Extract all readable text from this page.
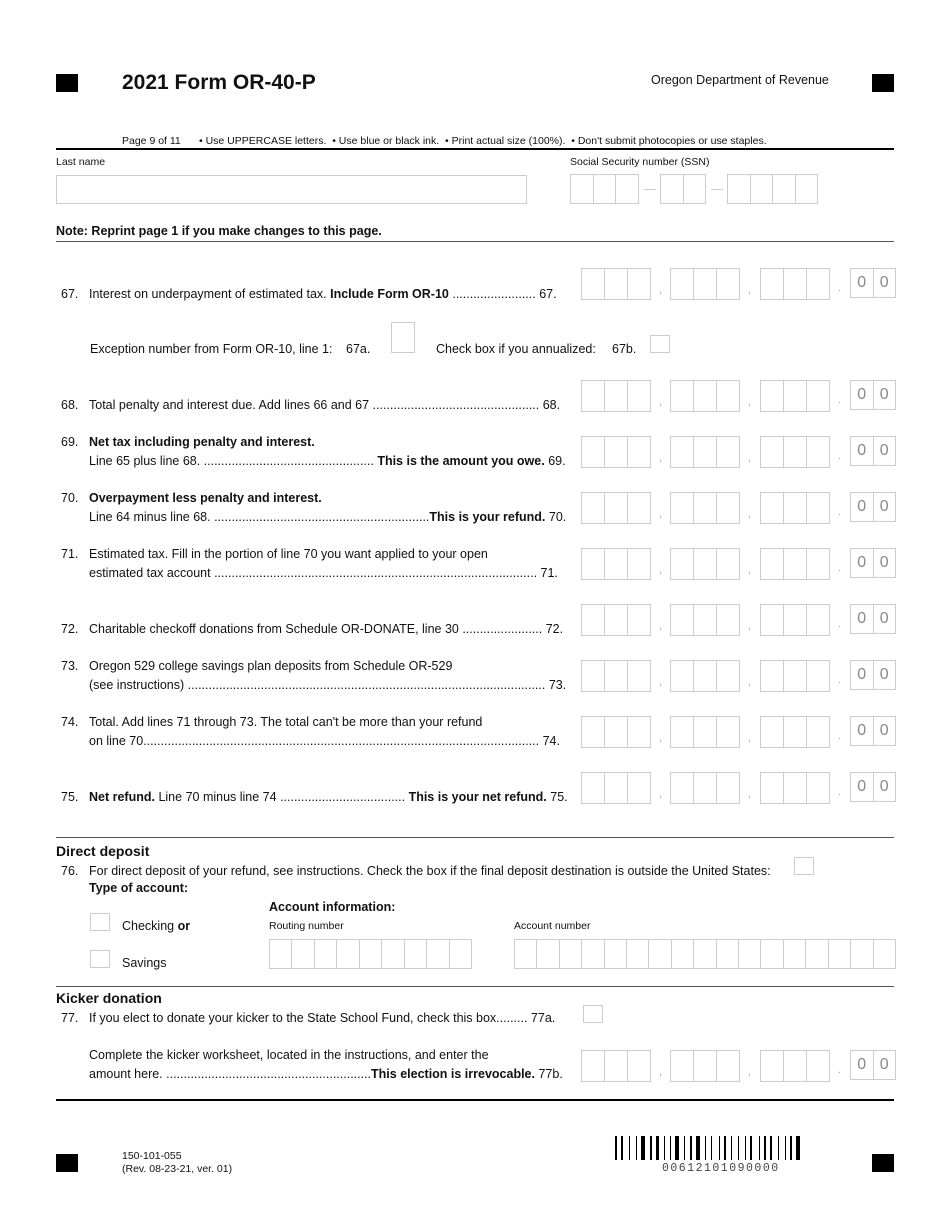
2021 Form OR-40-P	Oregon Department of Revenue
Page 9 of 11 • Use UPPERCASE letters.  • Use blue or black ink.  • Print actual size (100%).  • Don't submit photocopies or use staples.
Last name	Social Security number (SSN)
Note: Reprint page 1 if you make changes to this page.
67. Interest on underpayment of estimated tax. Include Form OR-10 ........................ 67.	,	,	.	0 0
Exception number from Form OR-10, line 1: 67a.	Check box if you annualized: 67b.
68. Total penalty and interest due. Add lines 66 and 67 ................................................ 68.	,	,	.	0 0
69. Net tax including penalty and interest.
Line 65 plus line 68. ................................................. This is the amount you owe. 69.	,	,	.	0 0
70. Overpayment less penalty and interest.
Line 64 minus line 68. ..............................................................This is your refund. 70.	,	,	.	0 0
71. Estimated tax. Fill in the portion of line 70 you want applied to your open
estimated tax account ............................................................................................. 71.	,	,	.	0 0
72. Charitable checkoff donations from Schedule OR-DONATE, line 30 ....................... 72.	,	,	.	0 0
73. Oregon 529 college savings plan deposits from Schedule OR-529
(see instructions) ....................................................................................................... 73.	,	,	.	0 0
74. Total. Add lines 71 through 73. The total can't be more than your refund
on line 70.................................................................................................................. 74.	,	,	.	0 0
75. Net refund. Line 70 minus line 74 .................................... This is your net refund. 75.	,	,	.	0 0
Direct deposit
76. For direct deposit of your refund, see instructions. Check the box if the final deposit destination is outside the United States:
Type of account:
Checking or
Savings
Account information:
Routing number	Account number
Kicker donation
77. If you elect to donate your kicker to the State School Fund, check this box......... 77a.
Complete the kicker worksheet, located in the instructions, and enter the
amount here. ...........................................................This election is irrevocable. 77b.	,	,	.	0 0
150-101-055
(Rev. 08-23-21, ver. 01)	00612101090000
